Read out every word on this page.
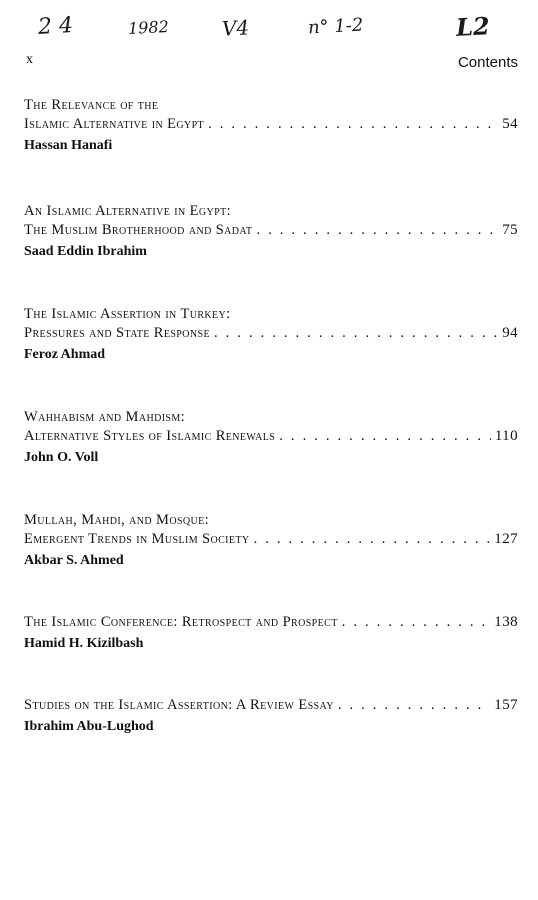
2 4	1982	V4	n° 1-2	L2
x	Contents
The Relevance of the
Islamic Alternative in Egypt . . .	54
Hassan Hanafi
An Islamic Alternative in Egypt:
The Muslim Brotherhood and Sadat . . .	75
Saad Eddin Ibrahim
The Islamic Assertion in Turkey:
Pressures and State Response . . .	94
Feroz Ahmad
Wahhabism and Mahdism:
Alternative Styles of Islamic Renewals . . .	110
John O. Voll
Mullah, Mahdi, and Mosque:
Emergent Trends in Muslim Society . . .	127
Akbar S. Ahmed
The Islamic Conference: Retrospect and Prospect . . .	138
Hamid H. Kizilbash
Studies on the Islamic Assertion: A Review Essay . . .	157
Ibrahim Abu-Lughod
